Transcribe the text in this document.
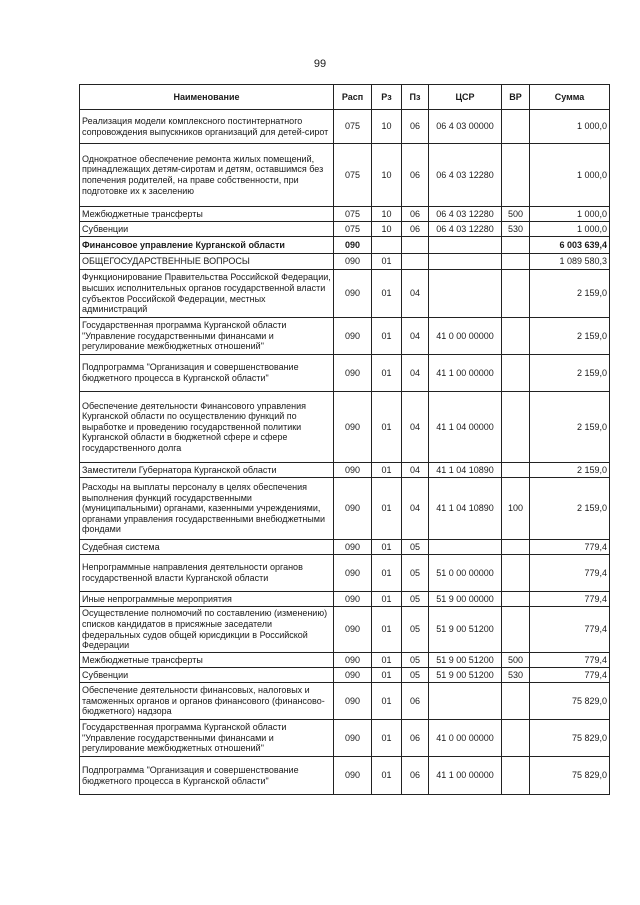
99
Наименование	Расп	Рз	Пз	ЦСР	ВР	Сумма
Реализация модели комплексного постинтернатного сопровождения выпускников организаций для детей-сирот	075	10	06	06 4 03 00000		1 000,0
Однократное обеспечение ремонта жилых помещений, принадлежащих детям-сиротам и детям, оставшимся без попечения родителей, на праве собственности, при подготовке их к заселению	075	10	06	06 4 03 12280		1 000,0
Межбюджетные трансферты	075	10	06	06 4 03 12280	500	1 000,0
Субвенции	075	10	06	06 4 03 12280	530	1 000,0
Финансовое управление Курганской области	090					6 003 639,4
ОБЩЕГОСУДАРСТВЕННЫЕ ВОПРОСЫ	090	01				1 089 580,3
Функционирование Правительства Российской Федерации, высших исполнительных органов государственной власти субъектов Российской Федерации, местных администраций	090	01	04			2 159,0
Государственная программа Курганской области "Управление государственными финансами и регулирование межбюджетных отношений"	090	01	04	41 0 00 00000		2 159,0
Подпрограмма "Организация и совершенствование бюджетного процесса в Курганской области"	090	01	04	41 1 00 00000		2 159,0
Обеспечение деятельности Финансового управления Курганской области по осуществлению функций по выработке и проведению государственной политики Курганской области в бюджетной сфере и сфере государственного долга	090	01	04	41 1 04 00000		2 159,0
Заместители Губернатора Курганской области	090	01	04	41 1 04 10890		2 159,0
Расходы на выплаты персоналу в целях обеспечения выполнения функций государственными (муниципальными) органами, казенными учреждениями, органами управления государственными внебюджетными фондами	090	01	04	41 1 04 10890	100	2 159,0
Судебная система	090	01	05			779,4
Непрограммные направления деятельности органов государственной власти Курганской области	090	01	05	51 0 00 00000		779,4
Иные непрограммные мероприятия	090	01	05	51 9 00 00000		779,4
Осуществление полномочий по составлению (изменению) списков кандидатов в присяжные заседатели федеральных судов общей юрисдикции в Российской Федерации	090	01	05	51 9 00 51200		779,4
Межбюджетные трансферты	090	01	05	51 9 00 51200	500	779,4
Субвенции	090	01	05	51 9 00 51200	530	779,4
Обеспечение деятельности финансовых, налоговых и таможенных органов и органов финансового (финансово-бюджетного) надзора	090	01	06			75 829,0
Государственная программа Курганской области "Управление государственными финансами и регулирование межбюджетных отношений"	090	01	06	41 0 00 00000		75 829,0
Подпрограмма "Организация и совершенствование бюджетного процесса в Курганской области"	090	01	06	41 1 00 00000		75 829,0
